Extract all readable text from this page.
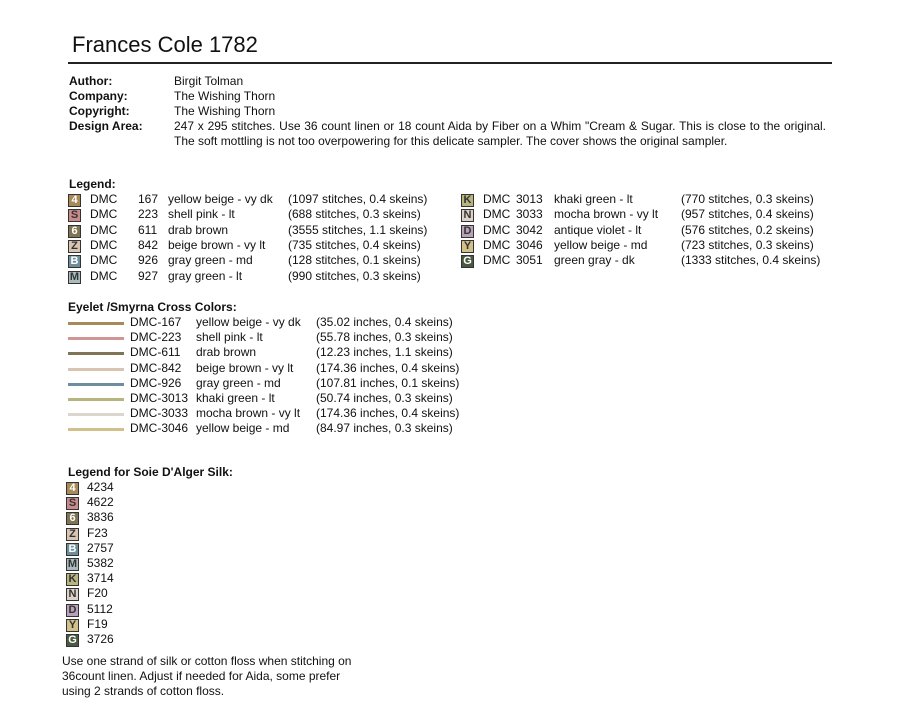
Frances Cole 1782
Author:	Birgit Tolman
Company:	The Wishing Thorn
Copyright:	The Wishing Thorn
Design Area:	247 x 295 stitches. Use 36 count linen or 18 count Aida by Fiber on a Whim "Cream & Sugar. This is close to the original. The soft mottling is not too overpowering for this delicate sampler. The cover shows the original sampler.
Legend:
4 DMC 167 yellow beige - vy dk (1097 stitches, 0.4 skeins)
S DMC 223 shell pink - lt	(688 stitches, 0.3 skeins)
6 DMC 611 drab brown	(3555 stitches, 1.1 skeins)
Z DMC 842 beige brown - vy lt (735 stitches, 0.4 skeins)
B DMC 926 gray green - md	(128 stitches, 0.1 skeins)
M DMC 927 gray green - lt	(990 stitches, 0.3 skeins)
K DMC 3013 khaki green - lt	(770 stitches, 0.3 skeins)
N DMC 3033 mocha brown - vy lt (957 stitches, 0.4 skeins)
D DMC 3042 antique violet - lt	(576 stitches, 0.2 skeins)
Y DMC 3046 yellow beige - md	(723 stitches, 0.3 skeins)
G DMC 3051 green gray - dk	(1333 stitches, 0.4 skeins)
Eyelet /Smyrna Cross Colors:
DMC-167 yellow beige - vy dk (35.02 inches, 0.4 skeins)
DMC-223 shell pink - lt	(55.78 inches, 0.3 skeins)
DMC-611 drab brown	(12.23 inches, 1.1 skeins)
DMC-842 beige brown - vy lt (174.36 inches, 0.4 skeins)
DMC-926 gray green - md	(107.81 inches, 0.1 skeins)
DMC-3013 khaki green - lt	(50.74 inches, 0.3 skeins)
DMC-3033 mocha brown - vy lt (174.36 inches, 0.4 skeins)
DMC-3046 yellow beige - md (84.97 inches, 0.3 skeins)
Legend for Soie D'Alger Silk:
4 4234
S 4622
6 3836
Z F23
B 2757
M 5382
K 3714
N F20
D 5112
Y F19
G 3726
Use one strand of silk or cotton floss when stitching on
36count linen. Adjust if needed for Aida, some prefer
using 2 strands of cotton floss.
